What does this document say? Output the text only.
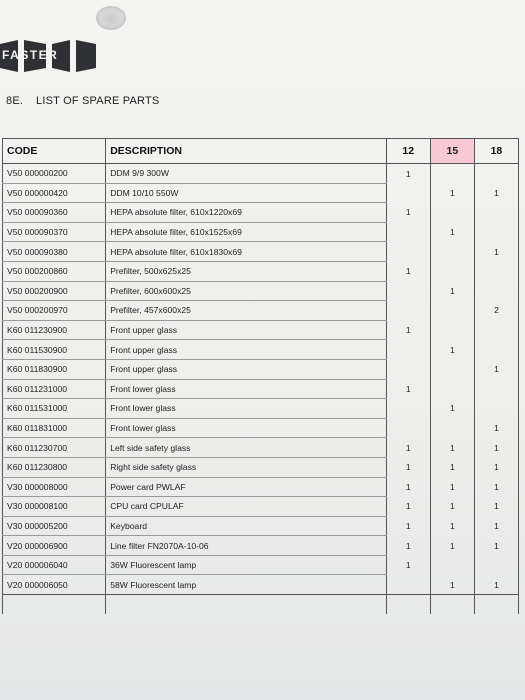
FASTER
8E. LIST OF SPARE PARTS
CODE	DESCRIPTION	12	15	18
V50 000000200	DDM 9/9 300W	1		
V50 000000420	DDM 10/10 550W		1	1
V50 000090360	HEPA absolute filter, 610x1220x69	1		
V50 000090370	HEPA absolute filter, 610x1525x69		1	
V50 000090380	HEPA absolute filter, 610x1830x69			1
V50 000200860	Prefilter, 500x625x25	1		
V50 000200900	Prefilter, 600x600x25		1	
V50 000200970	Prefilter, 457x600x25			2
K60 011230900	Front upper glass	1		
K60 011530900	Front upper glass		1	
K60 011830900	Front upper glass			1
K60 011231000	Front lower glass	1		
K60 011531000	Front lower glass		1	
K60 011831000	Front lower glass			1
K60 011230700	Left side safety glass	1	1	1
K60 011230800	Right side safety glass	1	1	1
V30 000008000	Power card PWLAF	1	1	1
V30 000008100	CPU card CPULAF	1	1	1
V30 000005200	Keyboard	1	1	1
V20 000006900	Line filter FN2070A-10-06	1	1	1
V20 000006040	36W Fluorescent lamp	1		
V20 000006050	58W Fluorescent lamp		1	1
